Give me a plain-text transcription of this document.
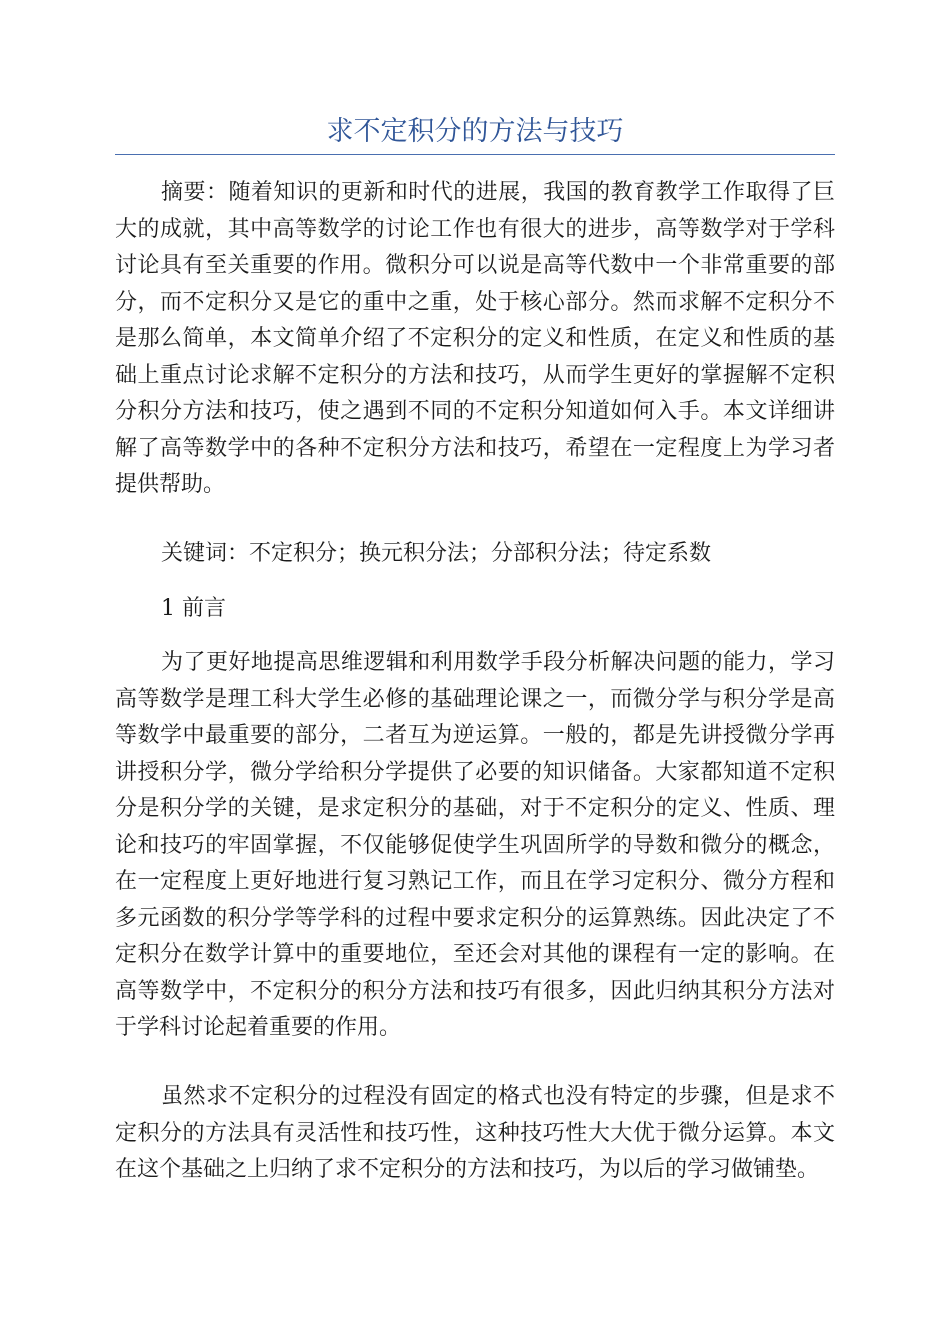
求不定积分的方法与技巧

摘要：随着知识的更新和时代的进展，我国的教育教学工作取得了巨大的成就，其中高等数学的讨论工作也有很大的进步，高等数学对于学科讨论具有至关重要的作用。微积分可以说是高等代数中一个非常重要的部分，而不定积分又是它的重中之重，处于核心部分。然而求解不定积分不是那么简单，本文简单介绍了不定积分的定义和性质，在定义和性质的基础上重点讨论求解不定积分的方法和技巧，从而学生更好的掌握解不定积分积分方法和技巧，使之遇到不同的不定积分知道如何入手。本文详细讲解了高等数学中的各种不定积分方法和技巧，希望在一定程度上为学习者提供帮助。

关键词：不定积分；换元积分法；分部积分法；待定系数

1 前言

为了更好地提高思维逻辑和利用数学手段分析解决问题的能力，学习高等数学是理工科大学生必修的基础理论课之一，而微分学与积分学是高等数学中最重要的部分，二者互为逆运算。一般的，都是先讲授微分学再讲授积分学，微分学给积分学提供了必要的知识储备。大家都知道不定积分是积分学的关键，是求定积分的基础，对于不定积分的定义、性质、理论和技巧的牢固掌握，不仅能够促使学生巩固所学的导数和微分的概念，在一定程度上更好地进行复习熟记工作，而且在学习定积分、微分方程和多元函数的积分学等学科的过程中要求定积分的运算熟练。因此决定了不定积分在数学计算中的重要地位，至还会对其他的课程有一定的影响。在高等数学中，不定积分的积分方法和技巧有很多，因此归纳其积分方法对于学科讨论起着重要的作用。

虽然求不定积分的过程没有固定的格式也没有特定的步骤，但是求不定积分的方法具有灵活性和技巧性，这种技巧性大大优于微分运算。本文在这个基础之上归纳了求不定积分的方法和技巧，为以后的学习做铺垫。
